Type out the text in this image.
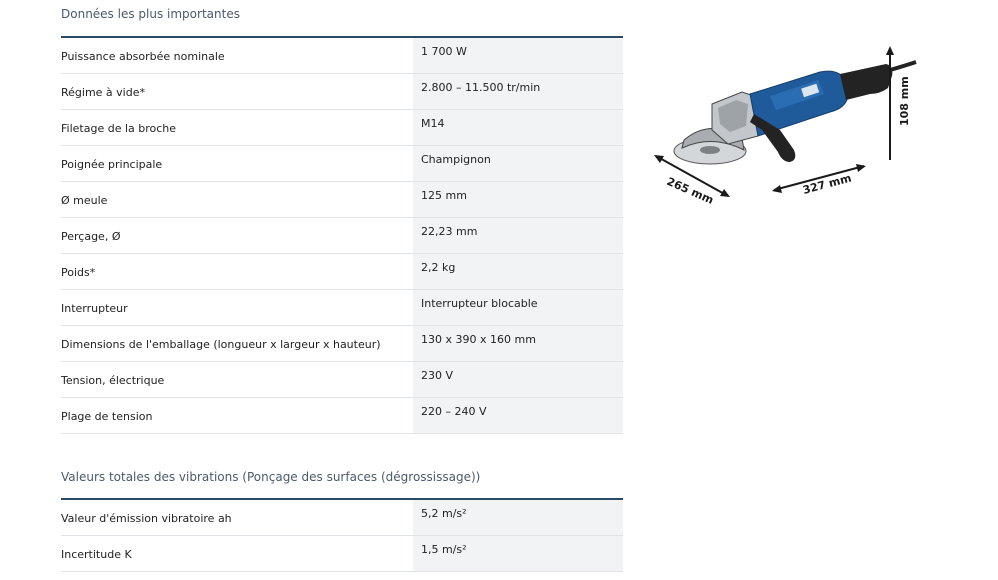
Données les plus importantes
Puissance absorbée nominale	1 700 W
Régime à vide*	2.800 – 11.500 tr/min
Filetage de la broche	M14
Poignée principale	Champignon
Ø meule	125 mm
Perçage, Ø	22,23 mm
Poids*	2,2 kg
Interrupteur	Interrupteur blocable
Dimensions de l'emballage (longueur x largeur x hauteur)	130 x 390 x 160 mm
Tension, électrique	230 V
Plage de tension	220 – 240 V
Valeurs totales des vibrations (Ponçage des surfaces (dégrossissage))
Valeur d'émission vibratoire ah	5,2 m/s²
Incertitude K	1,5 m/s²
265 mm	327 mm
108 mm
